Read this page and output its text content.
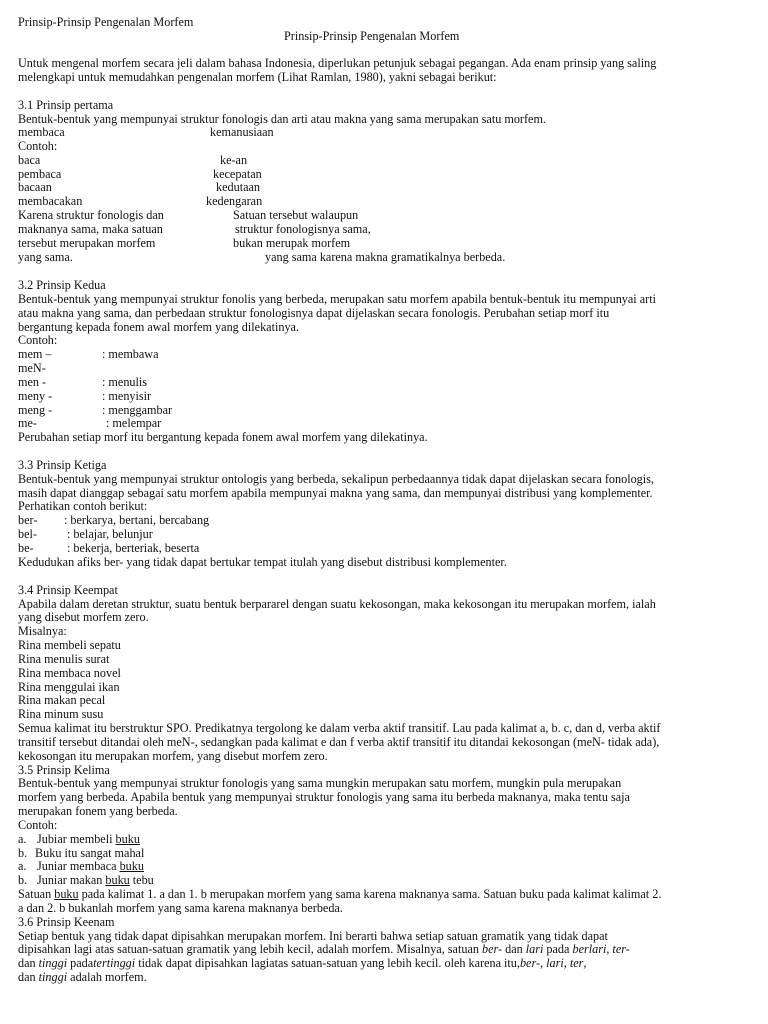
Prinsip-Prinsip Pengenalan Morfem
Prinsip-Prinsip Pengenalan Morfem
Untuk mengenal morfem secara jeli dalam bahasa Indonesia, diperlukan petunjuk sebagai pegangan. Ada enam prinsip yang saling
melengkapi untuk memudahkan pengenalan morfem (Lihat Ramlan, 1980), yakni sebagai berikut:
3.1 Prinsip pertama
Bentuk-bentuk yang mempunyai struktur fonologis dan arti atau makna yang sama merupakan satu morfem.
membaca	kemanusiaan
Contoh:
baca	ke-an
pembaca	kecepatan
bacaan	kedutaan
membacakan	kedengaran
Karena struktur fonologis dan	Satuan tersebut walaupun
maknanya sama, maka satuan	struktur fonologisnya sama,
tersebut merupakan morfem	bukan merupak morfem
yang sama.	yang sama karena makna gramatikalnya berbeda.
3.2 Prinsip Kedua
Bentuk-bentuk yang mempunyai struktur fonolis yang berbeda, merupakan satu morfem apabila bentuk-bentuk itu mempunyai arti
atau makna yang sama, dan perbedaan struktur fonologisnya dapat dijelaskan secara fonologis. Perubahan setiap morf itu
bergantung kepada fonem awal morfem yang dilekatinya.
Contoh:
mem –	: membawa
meN-
men -	: menulis
meny -	: menyisir
meng -	: menggambar
me-	: melempar
Perubahan setiap morf itu bergantung kepada fonem awal morfem yang dilekatinya.
3.3 Prinsip Ketiga
Bentuk-bentuk yang mempunyai struktur ontologis yang berbeda, sekalipun perbedaannya tidak dapat dijelaskan secara fonologis,
masih dapat dianggap sebagai satu morfem apabila mempunyai makna yang sama, dan mempunyai distribusi yang komplementer.
Perhatikan contoh berikut:
ber- : berkarya, bertani, bercabang
bel- : belajar, belunjur
be-	: bekerja, berteriak, beserta
Kedudukan afiks ber- yang tidak dapat bertukar tempat itulah yang disebut distribusi komplementer.
3.4 Prinsip Keempat
Apabila dalam deretan struktur, suatu bentuk berpararel dengan suatu kekosongan, maka kekosongan itu merupakan morfem, ialah
yang disebut morfem zero.
Misalnya:
Rina membeli sepatu
Rina menulis surat
Rina membaca novel
Rina menggulai ikan
Rina makan pecal
Rina minum susu
Semua kalimat itu berstruktur SPO. Predikatnya tergolong ke dalam verba aktif transitif. Lau pada kalimat a, b. c, dan d, verba aktif
transitif tersebut ditandai oleh meN-, sedangkan pada kalimat e dan f verba aktif transitif itu ditandai kekosongan (meN- tidak ada),
kekosongan itu merupakan morfem, yang disebut morfem zero.
3.5 Prinsip Kelima
Bentuk-bentuk yang mempunyai struktur fonologis yang sama mungkin merupakan satu morfem, mungkin pula merupakan
morfem yang berbeda. Apabila bentuk yang mempunyai struktur fonologis yang sama itu berbeda maknanya, maka tentu saja
merupakan fonem yang berbeda.
Contoh:
a. Jubiar membeli buku
b. Buku itu sangat mahal
a. Juniar membaca buku
b. Juniar makan buku tebu
Satuan buku pada kalimat 1. a dan 1. b merupakan morfem yang sama karena maknanya sama. Satuan buku pada kalimat kalimat 2.
a dan 2. b bukanlah morfem yang sama karena maknanya berbeda.
3.6 Prinsip Keenam
Setiap bentuk yang tidak dapat dipisahkan merupakan morfem. Ini berarti bahwa setiap satuan gramatik yang tidak dapat
dipisahkan lagi atas satuan-satuan gramatik yang lebih kecil, adalah morfem. Misalnya, satuan ber- dan lari pada berlari, ter-
dan tinggi padatertinggi tidak dapat dipisahkan lagiatas satuan-satuan yang lebih kecil. oleh karena itu,ber-, lari, ter,
dan tinggi adalah morfem.
